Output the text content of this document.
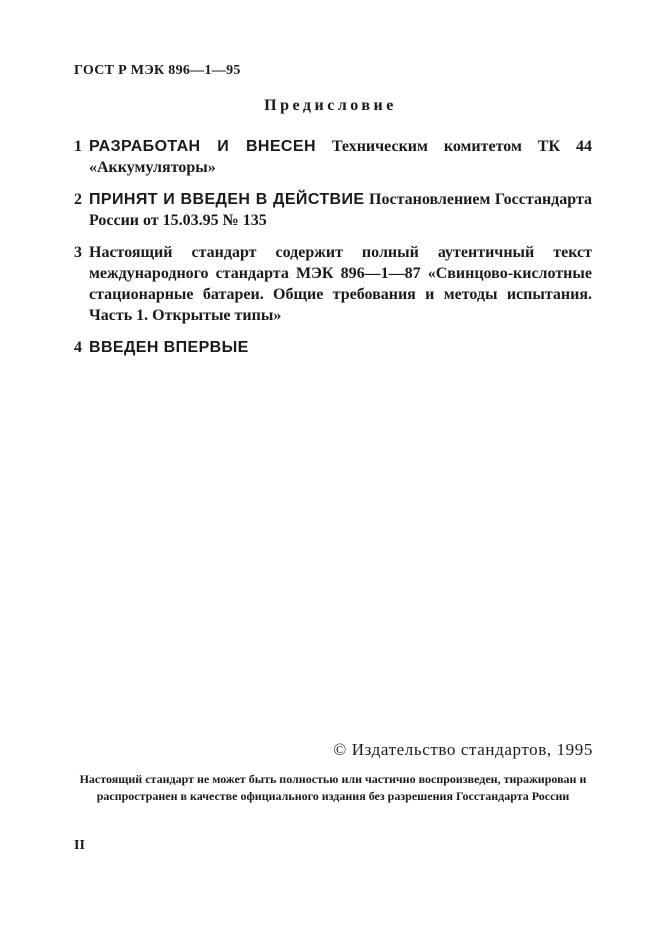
ГОСТ Р МЭК 896—1—95
Предисловие
1 РАЗРАБОТАН И ВНЕСЕН Техническим комитетом ТК 44 «Аккумуляторы»
2 ПРИНЯТ И ВВЕДЕН В ДЕЙСТВИЕ Постановлением Госстандарта России от 15.03.95 № 135
3 Настоящий стандарт содержит полный аутентичный текст международного стандарта МЭК 896—1—87 «Свинцово-кислотные стационарные батареи. Общие требования и методы испытания. Часть 1. Открытые типы»
4 ВВЕДЕН ВПЕРВЫЕ
© Издательство стандартов, 1995
Настоящий стандарт не может быть полностью или частично воспроизведен, тиражирован и распространен в качестве официального издания без разрешения Госстандарта России
II
